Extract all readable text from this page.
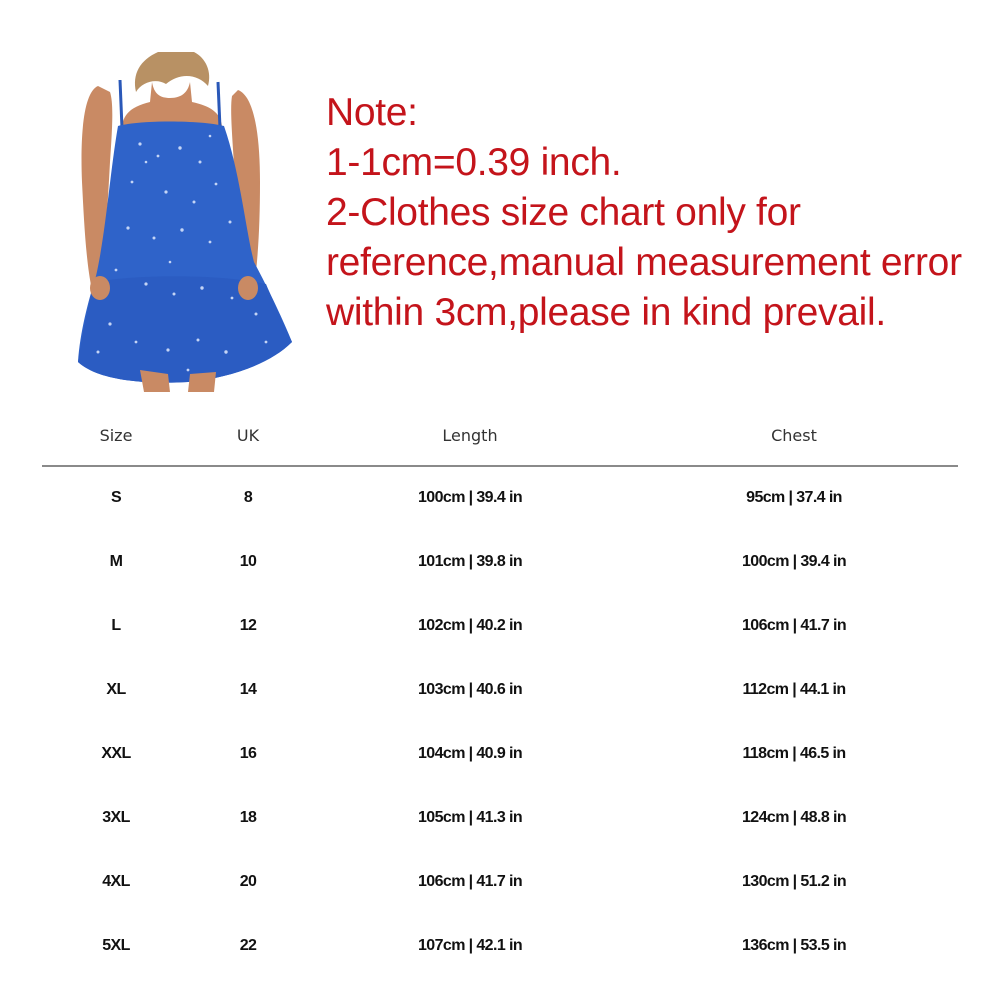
Note:
1-1cm=0.39 inch.
2-Clothes size chart only for
reference,manual measurement error
within 3cm,please in kind prevail.
Size	UK	Length	Chest
S	8	100cm | 39.4 in	95cm | 37.4 in
M	10	101cm | 39.8 in	100cm | 39.4 in
L	12	102cm | 40.2 in	106cm | 41.7 in
XL	14	103cm | 40.6 in	112cm | 44.1 in
XXL	16	104cm | 40.9 in	118cm | 46.5 in
3XL	18	105cm | 41.3 in	124cm | 48.8 in
4XL	20	106cm | 41.7 in	130cm | 51.2 in
5XL	22	107cm | 42.1 in	136cm | 53.5 in
